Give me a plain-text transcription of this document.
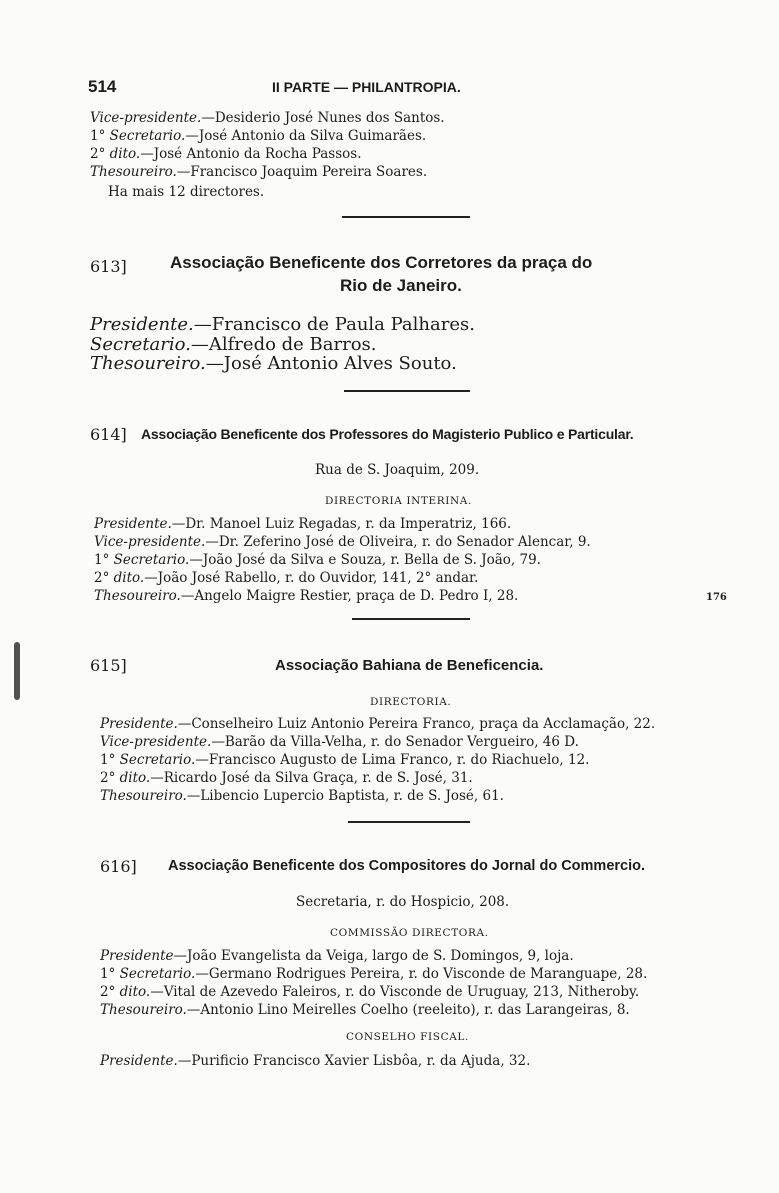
514	II PARTE — PHILANTROPIA.
Vice-presidente.—Desiderio José Nunes dos Santos.
1° Secretario.—José Antonio da Silva Guimarães.
2° dito.—José Antonio da Rocha Passos.
Thesoureiro.—Francisco Joaquim Pereira Soares.
Ha mais 12 directores.
613]	Associação Beneficente dos Corretores da praça do
Rio de Janeiro.
Presidente.—Francisco de Paula Palhares.
Secretario.—Alfredo de Barros.
Thesoureiro.—José Antonio Alves Souto.
614] Associação Beneficente dos Professores do Magisterio Publico e Particular.
Rua de S. Joaquim, 209.
DIRECTORIA INTERINA.
Presidente.—Dr. Manoel Luiz Regadas, r. da Imperatriz, 166.
Vice-presidente.—Dr. Zeferino José de Oliveira, r. do Senador Alencar, 9.
1° Secretario.—João José da Silva e Souza, r. Bella de S. João, 79.
2° dito.—João José Rabello, r. do Ouvidor, 141, 2° andar.
Thesoureiro.—Angelo Maigre Restier, praça de D. Pedro I, 28.	176
615]	Associação Bahiana de Beneficencia.
DIRECTORIA.
Presidente.—Conselheiro Luiz Antonio Pereira Franco, praça da Acclamação, 22.
Vice-presidente.—Barão da Villa-Velha, r. do Senador Vergueiro, 46 D.
1° Secretario.—Francisco Augusto de Lima Franco, r. do Riachuelo, 12.
2° dito.—Ricardo José da Silva Graça, r. de S. José, 31.
Thesoureiro.—Libencio Lupercio Baptista, r. de S. José, 61.
616] Associação Beneficente dos Compositores do Jornal do Commercio.
Secretaria, r. do Hospicio, 208.
COMMISSÃO DIRECTORA.
Presidente—João Evangelista da Veiga, largo de S. Domingos, 9, loja.
1° Secretario.—Germano Rodrigues Pereira, r. do Visconde de Maranguape, 28.
2° dito.—Vital de Azevedo Faleiros, r. do Visconde de Uruguay, 213, Nitheroby.
Thesoureiro.—Antonio Lino Meirelles Coelho (reeleito), r. das Larangeiras, 8.
CONSELHO FISCAL.
Presidente.—Purificio Francisco Xavier Lisbôa, r. da Ajuda, 32.
